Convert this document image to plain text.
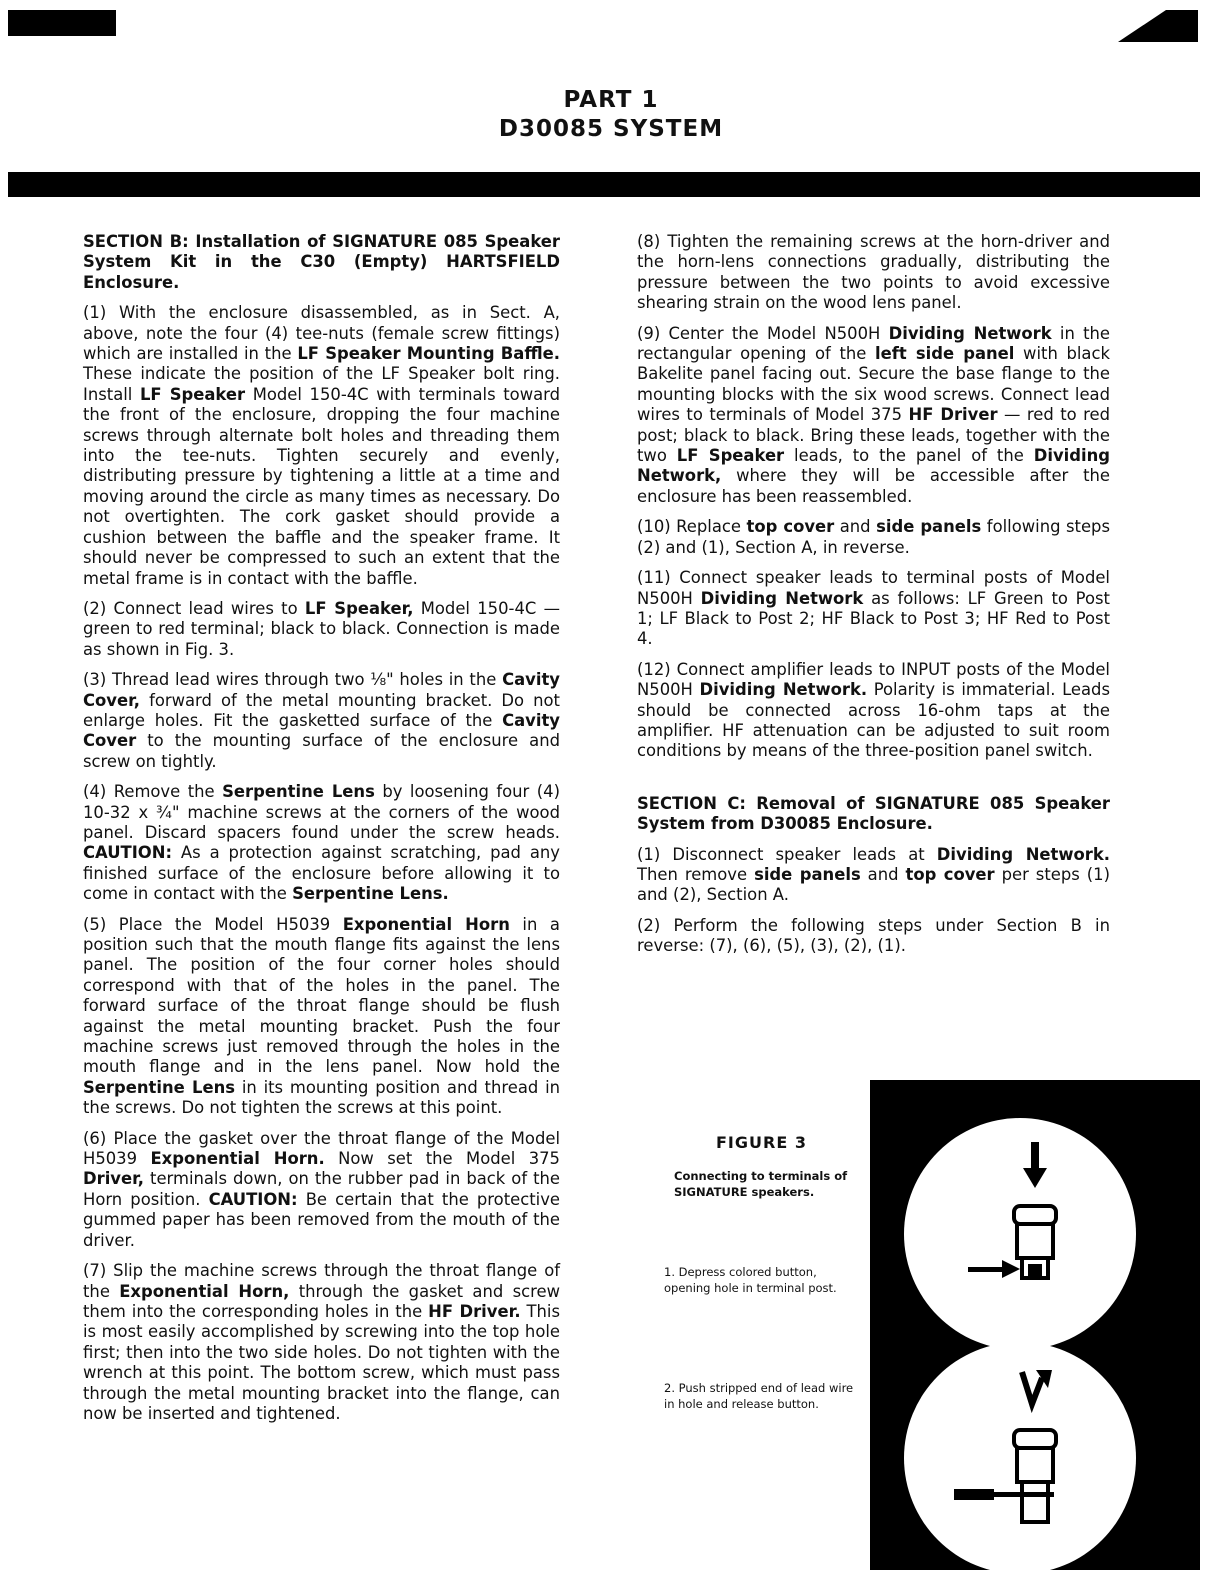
PART 1
D30085 SYSTEM
SECTION B: Installation of SIGNATURE 085 Speaker System Kit in the C30 (Empty) HARTSFIELD Enclosure.

(1) With the enclosure disassembled, as in Sect. A, above, note the four (4) tee-nuts (female screw fittings) which are installed in the LF Speaker Mounting Baffle. These indicate the position of the LF Speaker bolt ring. Install LF Speaker Model 150-4C with terminals toward the front of the enclosure, dropping the four machine screws through alternate bolt holes and threading them into the tee-nuts. Tighten securely and evenly, distributing pressure by tightening a little at a time and moving around the circle as many times as necessary. Do not overtighten. The cork gasket should provide a cushion between the baffle and the speaker frame. It should never be compressed to such an extent that the metal frame is in contact with the baffle.

(2) Connect lead wires to LF Speaker, Model 150-4C — green to red terminal; black to black. Connection is made as shown in Fig. 3.

(3) Thread lead wires through two ⅛" holes in the Cavity Cover, forward of the metal mounting bracket. Do not enlarge holes. Fit the gasketted surface of the Cavity Cover to the mounting surface of the enclosure and screw on tightly.

(4) Remove the Serpentine Lens by loosening four (4) 10-32 x ¾" machine screws at the corners of the wood panel. Discard spacers found under the screw heads. CAUTION: As a protection against scratching, pad any finished surface of the enclosure before allowing it to come in contact with the Serpentine Lens.

(5) Place the Model H5039 Exponential Horn in a position such that the mouth flange fits against the lens panel. The position of the four corner holes should correspond with that of the holes in the panel. The forward surface of the throat flange should be flush against the metal mounting bracket. Push the four machine screws just removed through the holes in the mouth flange and in the lens panel. Now hold the Serpentine Lens in its mounting position and thread in the screws. Do not tighten the screws at this point.

(6) Place the gasket over the throat flange of the Model H5039 Exponential Horn. Now set the Model 375 Driver, terminals down, on the rubber pad in back of the Horn position. CAUTION: Be certain that the protective gummed paper has been removed from the mouth of the driver.

(7) Slip the machine screws through the throat flange of the Exponential Horn, through the gasket and screw them into the corresponding holes in the HF Driver. This is most easily accomplished by screwing into the top hole first; then into the two side holes. Do not tighten with the wrench at this point. The bottom screw, which must pass through the metal mounting bracket into the flange, can now be inserted and tightened.

(8) Tighten the remaining screws at the horn-driver and the horn-lens connections gradually, distributing the pressure between the two points to avoid excessive shearing strain on the wood lens panel.

(9) Center the Model N500H Dividing Network in the rectangular opening of the left side panel with black Bakelite panel facing out. Secure the base flange to the mounting blocks with the six wood screws. Connect lead wires to terminals of Model 375 HF Driver — red to red post; black to black. Bring these leads, together with the two LF Speaker leads, to the panel of the Dividing Network, where they will be accessible after the enclosure has been reassembled.

(10) Replace top cover and side panels following steps (2) and (1), Section A, in reverse.

(11) Connect speaker leads to terminal posts of Model N500H Dividing Network as follows: LF Green to Post 1; LF Black to Post 2; HF Black to Post 3; HF Red to Post 4.

(12) Connect amplifier leads to INPUT posts of the Model N500H Dividing Network. Polarity is immaterial. Leads should be connected across 16-ohm taps at the amplifier. HF attenuation can be adjusted to suit room conditions by means of the three-position panel switch.

SECTION C: Removal of SIGNATURE 085 Speaker System from D30085 Enclosure.

(1) Disconnect speaker leads at Dividing Network. Then remove side panels and top cover per steps (1) and (2), Section A.

(2) Perform the following steps under Section B in reverse: (7), (6), (5), (3), (2), (1).

FIGURE 3
Connecting to terminals of SIGNATURE speakers.
1. Depress colored button, opening hole in terminal post.
2. Push stripped end of lead wire in hole and release button.
